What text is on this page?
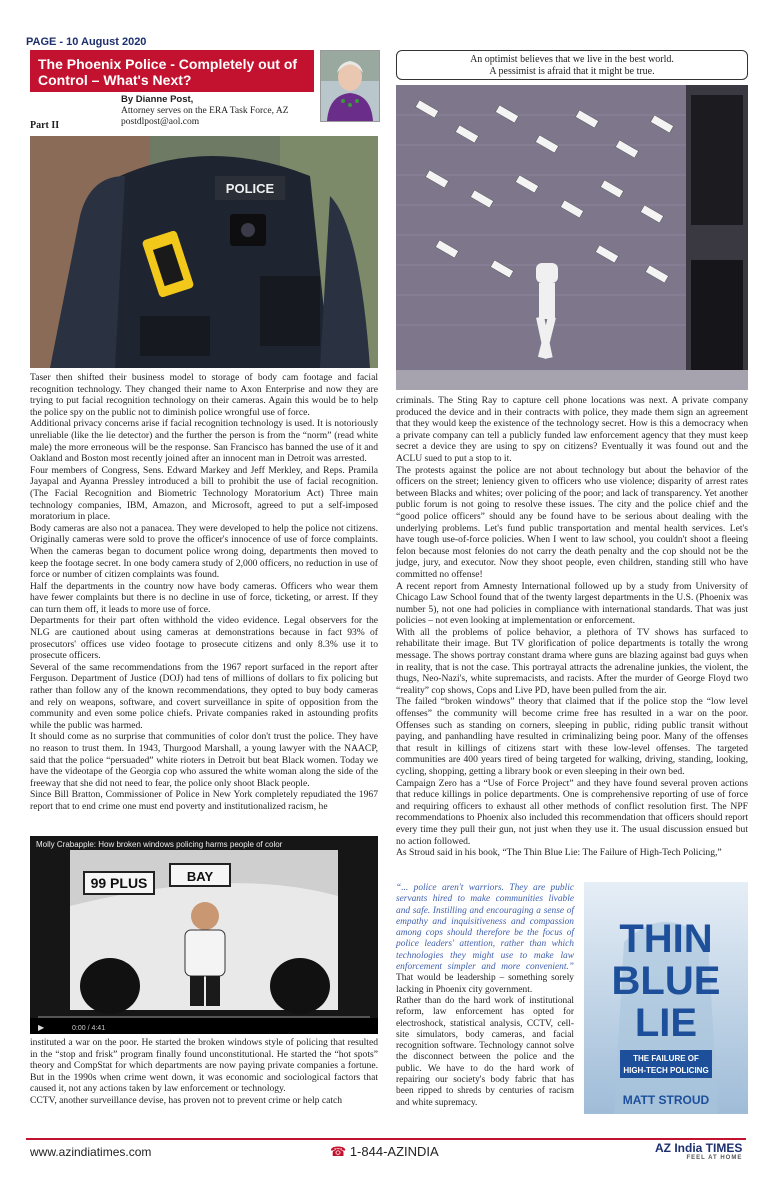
PAGE - 10 August 2020
The Phoenix Police - Completely out of Control – What's Next?
By Dianne Post,
Attorney serves on the ERA Task Force, AZ
postdlpost@aol.com
Part II
An optimist believes that we live in the best world.
A pessimist is afraid that it might be true.
POLICE

Taser then shifted their business model to storage of body cam footage and facial recognition technology. They changed their name to Axon Enterprise and now they are trying to put facial recognition technology on their cameras. Again this would be to help the police spy on the public not to diminish police wrongful use of force.

Additional privacy concerns arise if facial recognition technology is used. It is notoriously unreliable (like the lie detector) and the further the person is from the “norm” (read white male) the more erroneous will be the response. San Francisco has banned the use of it and Oakland and Boston most recently joined after an innocent man in Detroit was arrested.

Four members of Congress, Sens. Edward Markey and Jeff Merkley, and Reps. Pramila Jayapal and Ayanna Pressley introduced a bill to prohibit the use of facial recognition. (The Facial Recognition and Biometric Technology Moratorium Act) Three main technology companies, IBM, Amazon, and Microsoft, agreed to put a self-imposed moratorium in place.

Body cameras are also not a panacea. They were developed to help the police not citizens. Originally cameras were sold to prove the officer's innocence of use of force complaints. When the cameras began to document police wrong doing, departments then moved to keep the footage secret. In one body camera study of 2,000 officers, no reduction in use of force or number of citizen complaints was found.

Half the departments in the country now have body cameras. Officers who wear them have fewer complaints but there is no decline in use of force, ticketing, or arrest. If they can turn them off, it leads to more use of force.

Departments for their part often withhold the video evidence. Legal observers for the NLG are cautioned about using cameras at demonstrations because in fact 93% of prosecutors' offices use video footage to prosecute citizens and only 8.3% use it to prosecute officers.

Several of the same recommendations from the 1967 report surfaced in the report after Ferguson. Department of Justice (DOJ) had tens of millions of dollars to fix policing but rather than follow any of the known recommendations, they opted to buy body cameras and rely on weapons, software, and covert surveillance in spite of opposition from the community and even some police chiefs. Private companies raked in astounding profits while the public was harmed.

It should come as no surprise that communities of color don't trust the police. They have no reason to trust them. In 1943, Thurgood Marshall, a young lawyer with the NAACP, said that the police “persuaded” white rioters in Detroit but beat Black women. Today we have the videotape of the Georgia cop who assured the white woman along the side of the freeway that she did not need to fear, the police only shoot Black people.

Since Bill Bratton, Commissioner of Police in New York completely repudiated the 1967 report that to end crime one must end poverty and institutionalized racism, he

99 PLUS	BAY
▶	0:00 / 4:41
Molly Crabapple: How broken windows policing harms people of color

instituted a war on the poor. He started the broken windows style of policing that resulted in the “stop and frisk” program finally found unconstitutional. He started the “hot spots” theory and CompStat for which departments are now paying private companies a fortune. But in the 1990s when crime went down, it was economic and sociological factors that caused it, not any actions taken by law enforcement or technology.

CCTV, another surveillance devise, has proven not to prevent crime or help catch

criminals. The Sting Ray to capture cell phone locations was next. A private company produced the device and in their contracts with police, they made them sign an agreement that they would keep the existence of the technology secret. How is this a democracy when a private company can tell a publicly funded law enforcement agency that they must keep secret a device they are using to spy on citizens? Eventually it was found out and the ACLU sued to put a stop to it.

The protests against the police are not about technology but about the behavior of the officers on the street; leniency given to officers who use violence; disparity of arrest rates between Blacks and whites; over policing of the poor; and lack of transparency. Yet another public forum is not going to resolve these issues. The city and the police chief and the “good police officers” should any be found have to be serious about dealing with the underlying problems. Let's fund public transportation and mental health services. Let's have tough use-of-force policies. When I went to law school, you couldn't shoot a fleeing felon because most felonies do not carry the death penalty and the cop should not be the judge, jury, and executor. Now they shoot people, even children, standing still who have committed no offense!

A recent report from Amnesty International followed up by a study from University of Chicago Law School found that of the twenty largest departments in the U.S. (Phoenix was number 5), not one had policies in compliance with international standards. That was just policies – not even looking at implementation or enforcement.

With all the problems of police behavior, a plethora of TV shows has surfaced to rehabilitate their image. But TV glorification of police departments is totally the wrong message. The shows portray constant drama where guns are blazing against bad guys when in reality, that is not the case. This portrayal attracts the adrenaline junkies, the violent, the thugs, Neo-Nazi's, white supremacists, and racists. After the murder of George Floyd two “reality” cop shows, Cops and Live PD, have been pulled from the air.

The failed “broken windows” theory that claimed that if the police stop the “low level offenses” the community will become crime free has resulted in a war on the poor. Offenses such as standing on corners, sleeping in public, riding public transit without paying, and panhandling have resulted in criminalizing being poor. Many of the offenses that result in killings of citizens start with these low-level offenses. The targeted communities are 400 years tired of being targeted for walking, driving, standing, looking, cycling, shopping, getting a library book or even sleeping in their own bed.

Campaign Zero has a “Use of Force Project” and they have found several proven actions that reduce killings in police departments. One is comprehensive reporting of use of force and requiring officers to exhaust all other methods of conflict resolution first. The NPF recommendations to Phoenix also included this recommendation that officers should report every time they pull their gun, not just when they use it. The usual discussion ensued but no action followed.

As Stroud said in his book, “The Thin Blue Lie: The Failure of High-Tech Policing,”

“... police aren't warriors. They are public servants hired to make communities livable and safe. Instilling and encouraging a sense of empathy and inquisitiveness and compassion among cops should therefore be the focus of police leaders' attention, rather than which technologies they might use to make law enforcement simpler and more convenient.” That would be leadership – something sorely lacking in Phoenix city government.

Rather than do the hard work of institutional reform, law enforcement has opted for electroshock, statistical analysis, CCTV, cell-site simulators, body cameras, and facial recognition software. Technology cannot solve the disconnect between the police and the public. We have to do the hard work of repairing our society's body fabric that has been ripped to shreds by centuries of racism and white supremacy.

THIN
BLUE
LIE
THE FAILURE OF
HIGH-TECH POLICING
MATT STROUD
www.azindiatimes.com	☎ 1-844-AZINDIA	AZ India TIMES
FEEL AT HOME
